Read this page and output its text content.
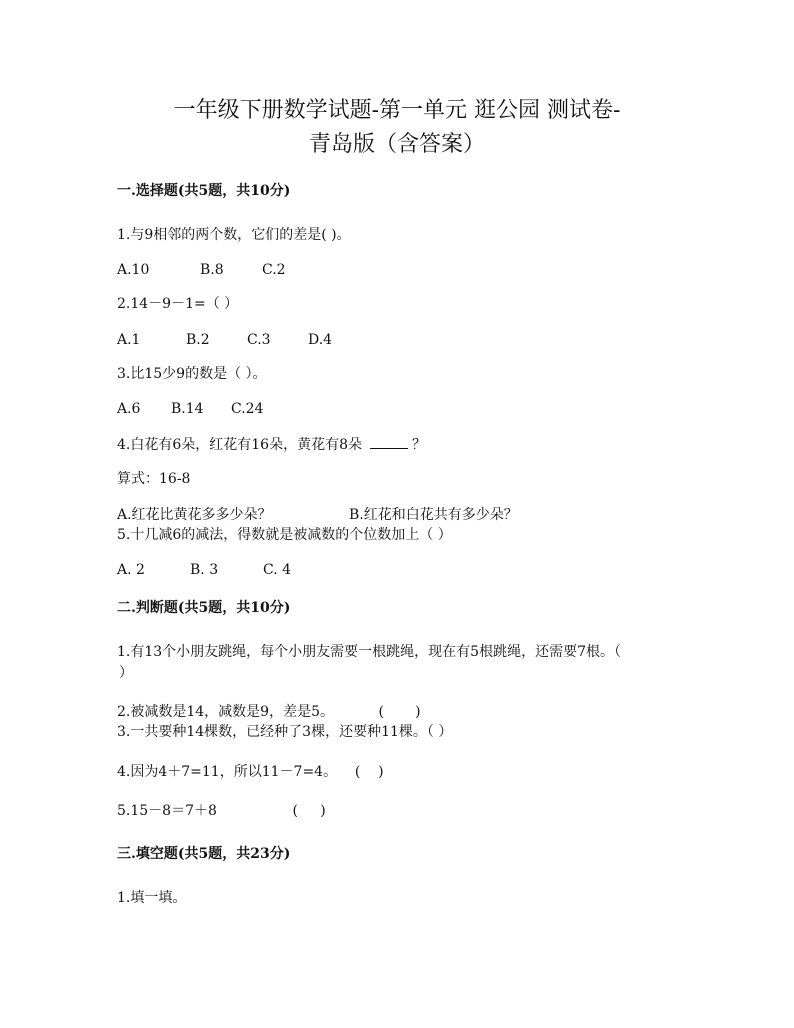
一年级下册数学试题-第一单元 逛公园 测试卷-
青岛版（含答案）
一.选择题(共5题，共10分)
1.与9相邻的两个数，它们的差是( )。
A.10	B.8	C.2
2.14－9－1=（ ）
A.1	B.2	C.3	D.4
3.比15少9的数是（ ）。
A.6 B.14 C.24
4.白花有6朵，红花有16朵，黄花有8朵	？
算式：16-8
A.红花比黄花多多少朵？	B.红花和白花共有多少朵？
5.十几减6的减法，得数就是被减数的个位数加上（ ）
A. 2	B. 3	C. 4
二.判断题(共5题，共10分)
1.有13个小朋友跳绳，每个小朋友需要一根跳绳，现在有5根跳绳，还需要7根。（
）
2.被减数是14，减数是9，差是5。          (       )
3.一共要种14棵数，已经种了3棵，还要种11棵。（ ）
4.因为4＋7=11，所以11－7=4。    (    )
5.15－8＝7＋8                 (     )
三.填空题(共5题，共23分)
1.填一填。
